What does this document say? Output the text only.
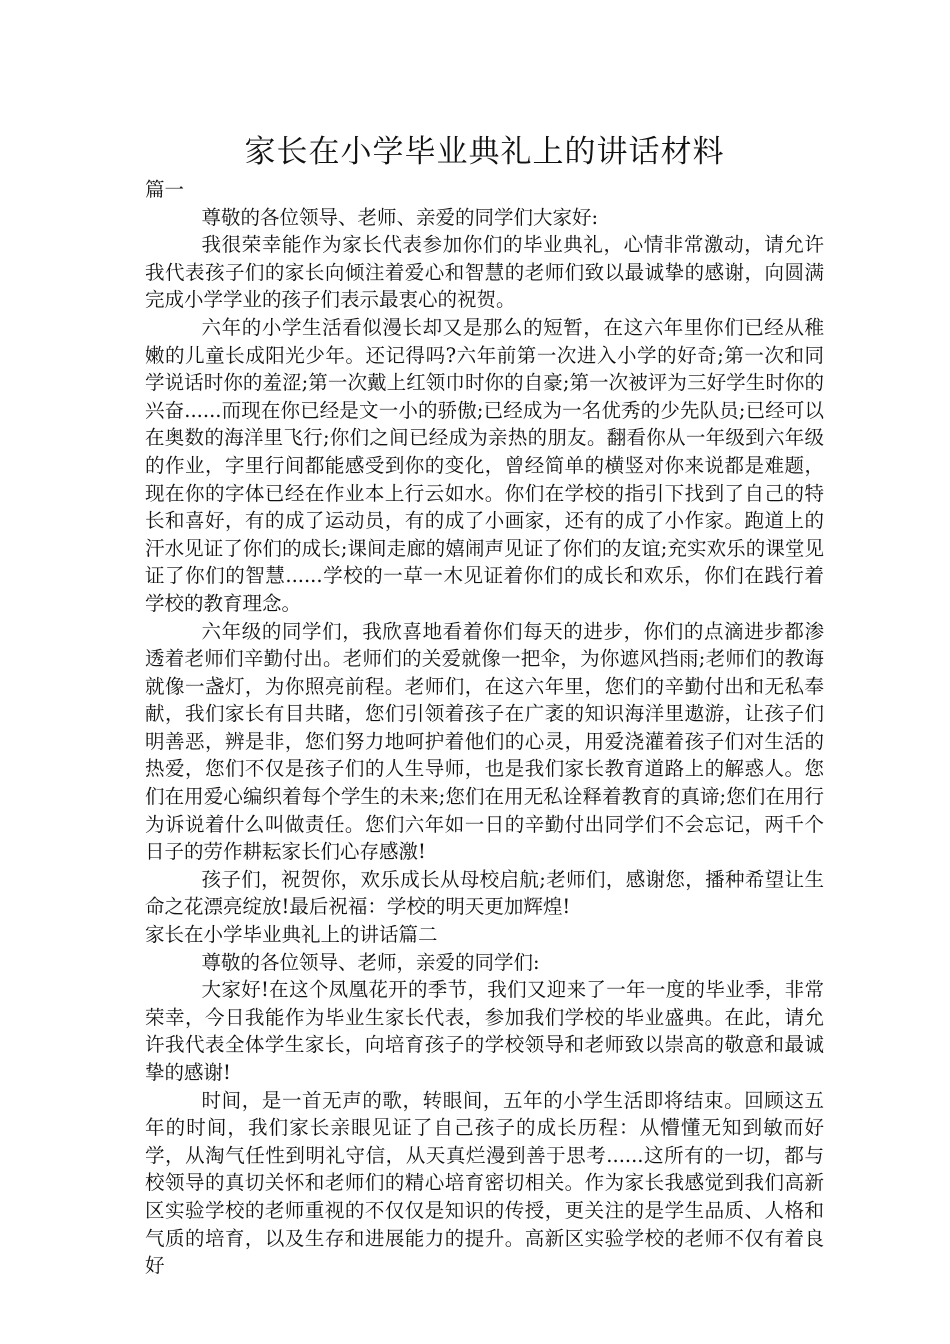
家长在小学毕业典礼上的讲话材料

篇一

尊敬的各位领导、老师、亲爱的同学们大家好:

我很荣幸能作为家长代表参加你们的毕业典礼，心情非常激动，请允许我代表孩子们的家长向倾注着爱心和智慧的老师们致以最诚挚的感谢，向圆满完成小学学业的孩子们表示最衷心的祝贺。

六年的小学生活看似漫长却又是那么的短暂，在这六年里你们已经从稚嫩的儿童长成阳光少年。还记得吗?六年前第一次进入小学的好奇;第一次和同学说话时你的羞涩;第一次戴上红领巾时你的自豪;第一次被评为三好学生时你的兴奋......而现在你已经是文一小的骄傲;已经成为一名优秀的少先队员;已经可以在奥数的海洋里飞行;你们之间已经成为亲热的朋友。翻看你从一年级到六年级的作业，字里行间都能感受到你的变化，曾经简单的横竖对你来说都是难题，现在你的字体已经在作业本上行云如水。你们在学校的指引下找到了自己的特长和喜好，有的成了运动员，有的成了小画家，还有的成了小作家。跑道上的汗水见证了你们的成长;课间走廊的嬉闹声见证了你们的友谊;充实欢乐的课堂见证了你们的智慧......学校的一草一木见证着你们的成长和欢乐，你们在践行着学校的教育理念。

六年级的同学们，我欣喜地看着你们每天的进步，你们的点滴进步都渗透着老师们辛勤付出。老师们的关爱就像一把伞，为你遮风挡雨;老师们的教诲就像一盏灯，为你照亮前程。老师们，在这六年里，您们的辛勤付出和无私奉献，我们家长有目共睹，您们引领着孩子在广袤的知识海洋里遨游，让孩子们明善恶，辨是非，您们努力地呵护着他们的心灵，用爱浇灌着孩子们对生活的热爱，您们不仅是孩子们的人生导师，也是我们家长教育道路上的解惑人。您们在用爱心编织着每个学生的未来;您们在用无私诠释着教育的真谛;您们在用行为诉说着什么叫做责任。您们六年如一日的辛勤付出同学们不会忘记，两千个日子的劳作耕耘家长们心存感激!

孩子们，祝贺你，欢乐成长从母校启航;老师们，感谢您，播种希望让生命之花漂亮绽放!最后祝福：学校的明天更加辉煌!

家长在小学毕业典礼上的讲话篇二

尊敬的各位领导、老师，亲爱的同学们:

大家好!在这个凤凰花开的季节，我们又迎来了一年一度的毕业季，非常荣幸，今日我能作为毕业生家长代表，参加我们学校的毕业盛典。在此，请允许我代表全体学生家长，向培育孩子的学校领导和老师致以崇高的敬意和最诚挚的感谢!

时间，是一首无声的歌，转眼间，五年的小学生活即将结束。回顾这五年的时间，我们家长亲眼见证了自己孩子的成长历程：从懵懂无知到敏而好学，从淘气任性到明礼守信，从天真烂漫到善于思考......这所有的一切，都与校领导的真切关怀和老师们的精心培育密切相关。作为家长我感觉到我们高新区实验学校的老师重视的不仅仅是知识的传授，更关注的是学生品质、人格和气质的培育，以及生存和进展能力的提升。高新区实验学校的老师不仅有着良好
